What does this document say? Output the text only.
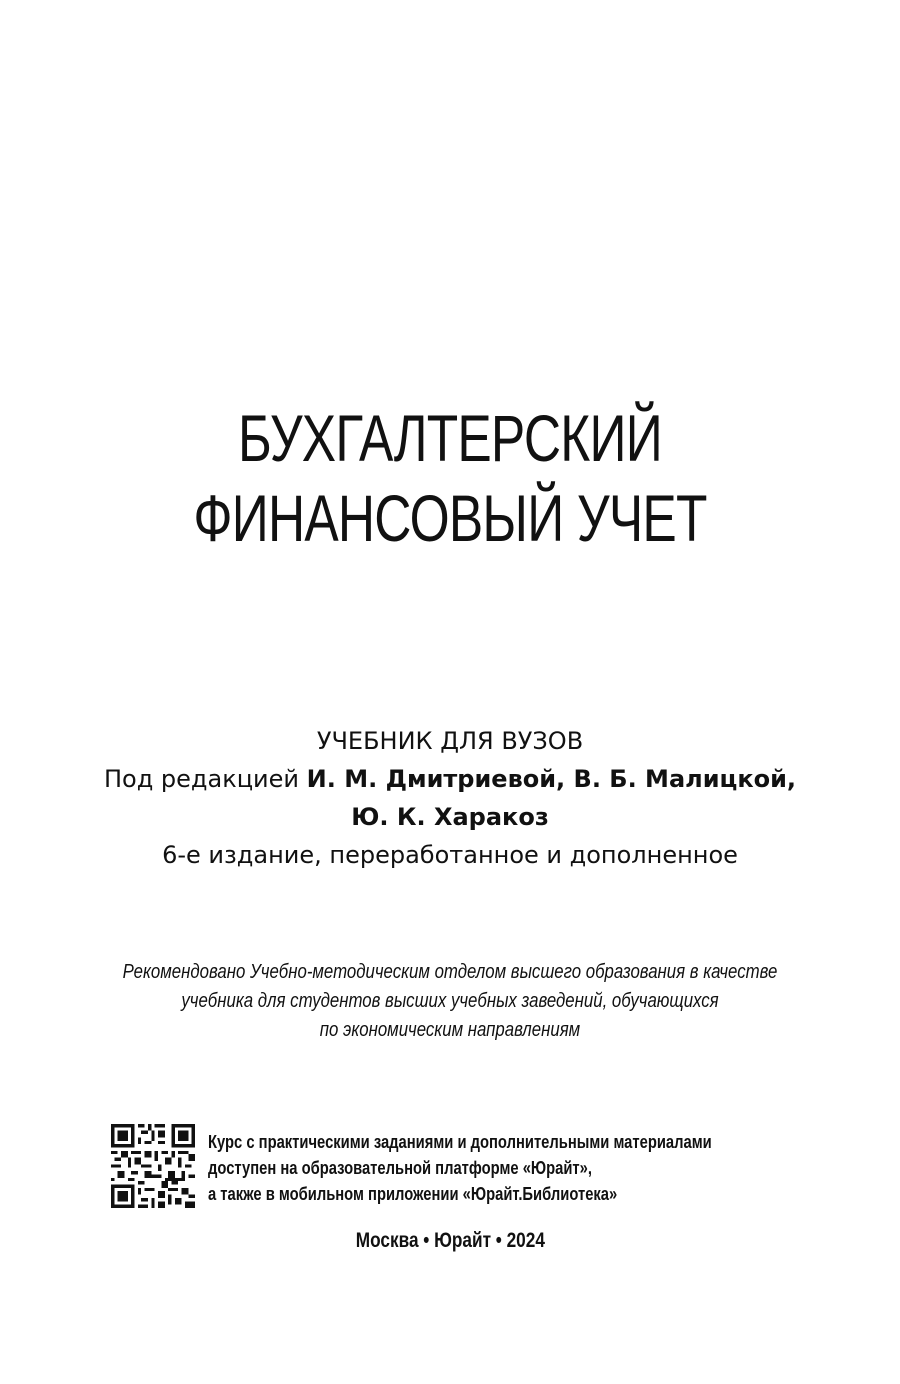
БУХГАЛТЕРСКИЙ
ФИНАНСОВЫЙ УЧЕТ
УЧЕБНИК ДЛЯ ВУЗОВ
Под редакцией И. М. Дмитриевой, В. Б. Малицкой,
Ю. К. Харакоз
6-е издание, переработанное и дополненное
Рекомендовано Учебно-методическим отделом высшего образования в качестве
учебника для студентов высших учебных заведений, обучающихся
по экономическим направлениям
Курс с практическими заданиями и дополнительными материалами
доступен на образовательной платформе «Юрайт»,
а также в мобильном приложении «Юрайт.Библиотека»
Москва • Юрайт • 2024
